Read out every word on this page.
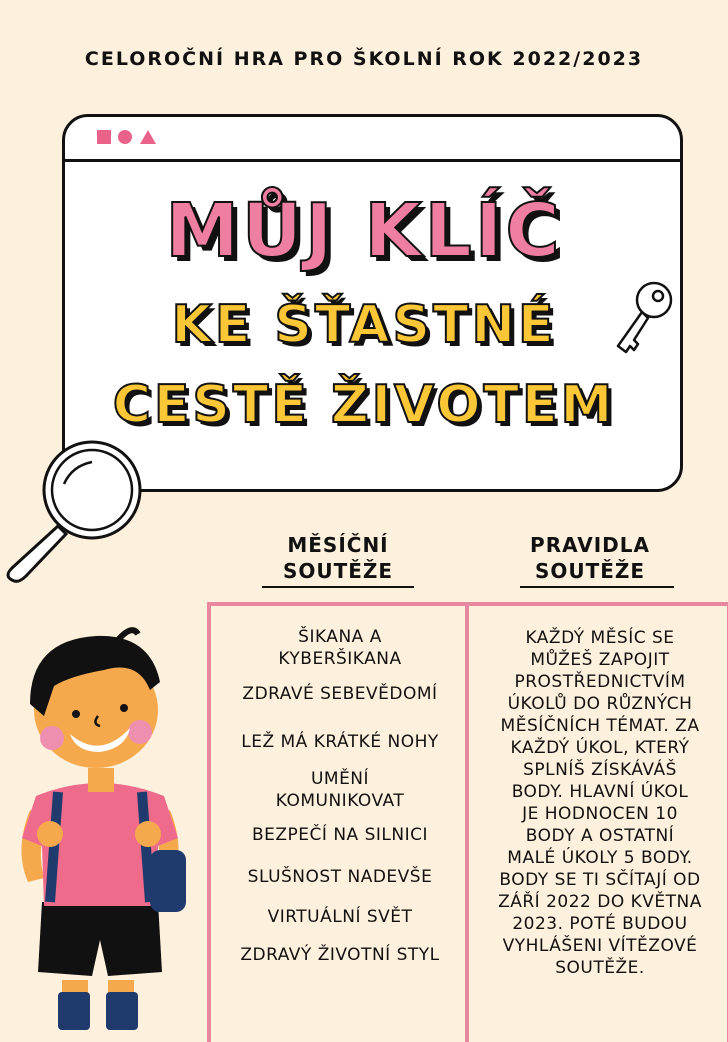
CELOROČNÍ HRA PRO ŠKOLNÍ ROK 2022/2023
MŮJ KLÍČ
KE ŠŤASTNÉ
CESTĚ ŽIVOTEM
MĚSÍČNÍ
SOUTĚŽE
PRAVIDLA
SOUTĚŽE
ŠIKANA A
KYBERŠIKANA
ZDRAVÉ SEBEVĚDOMÍ
LEŽ MÁ KRÁTKÉ NOHY
UMĚNÍ
KOMUNIKOVAT
BEZPEČÍ NA SILNICI
SLUŠNOST NADEVŠE
VIRTUÁLNÍ SVĚT
ZDRAVÝ ŽIVOTNÍ STYL
KAŽDÝ MĚSÍC SE
MŮŽEŠ ZAPOJIT
PROSTŘEDNICTVÍM
ÚKOLŮ DO RŮZNÝCH
MĚSÍČNÍCH TÉMAT. ZA
KAŽDÝ ÚKOL, KTERÝ
SPLNÍŠ ZÍSKÁVÁŠ
BODY. HLAVNÍ ÚKOL
JE HODNOCEN 10
BODY A OSTATNÍ
MALÉ ÚKOLY 5 BODY.
BODY SE TI SČÍTAJÍ OD
ZÁŘÍ 2022 DO KVĚTNA
2023. POTÉ BUDOU
VYHLÁŠENI VÍTĚZOVÉ
SOUTĚŽE.
